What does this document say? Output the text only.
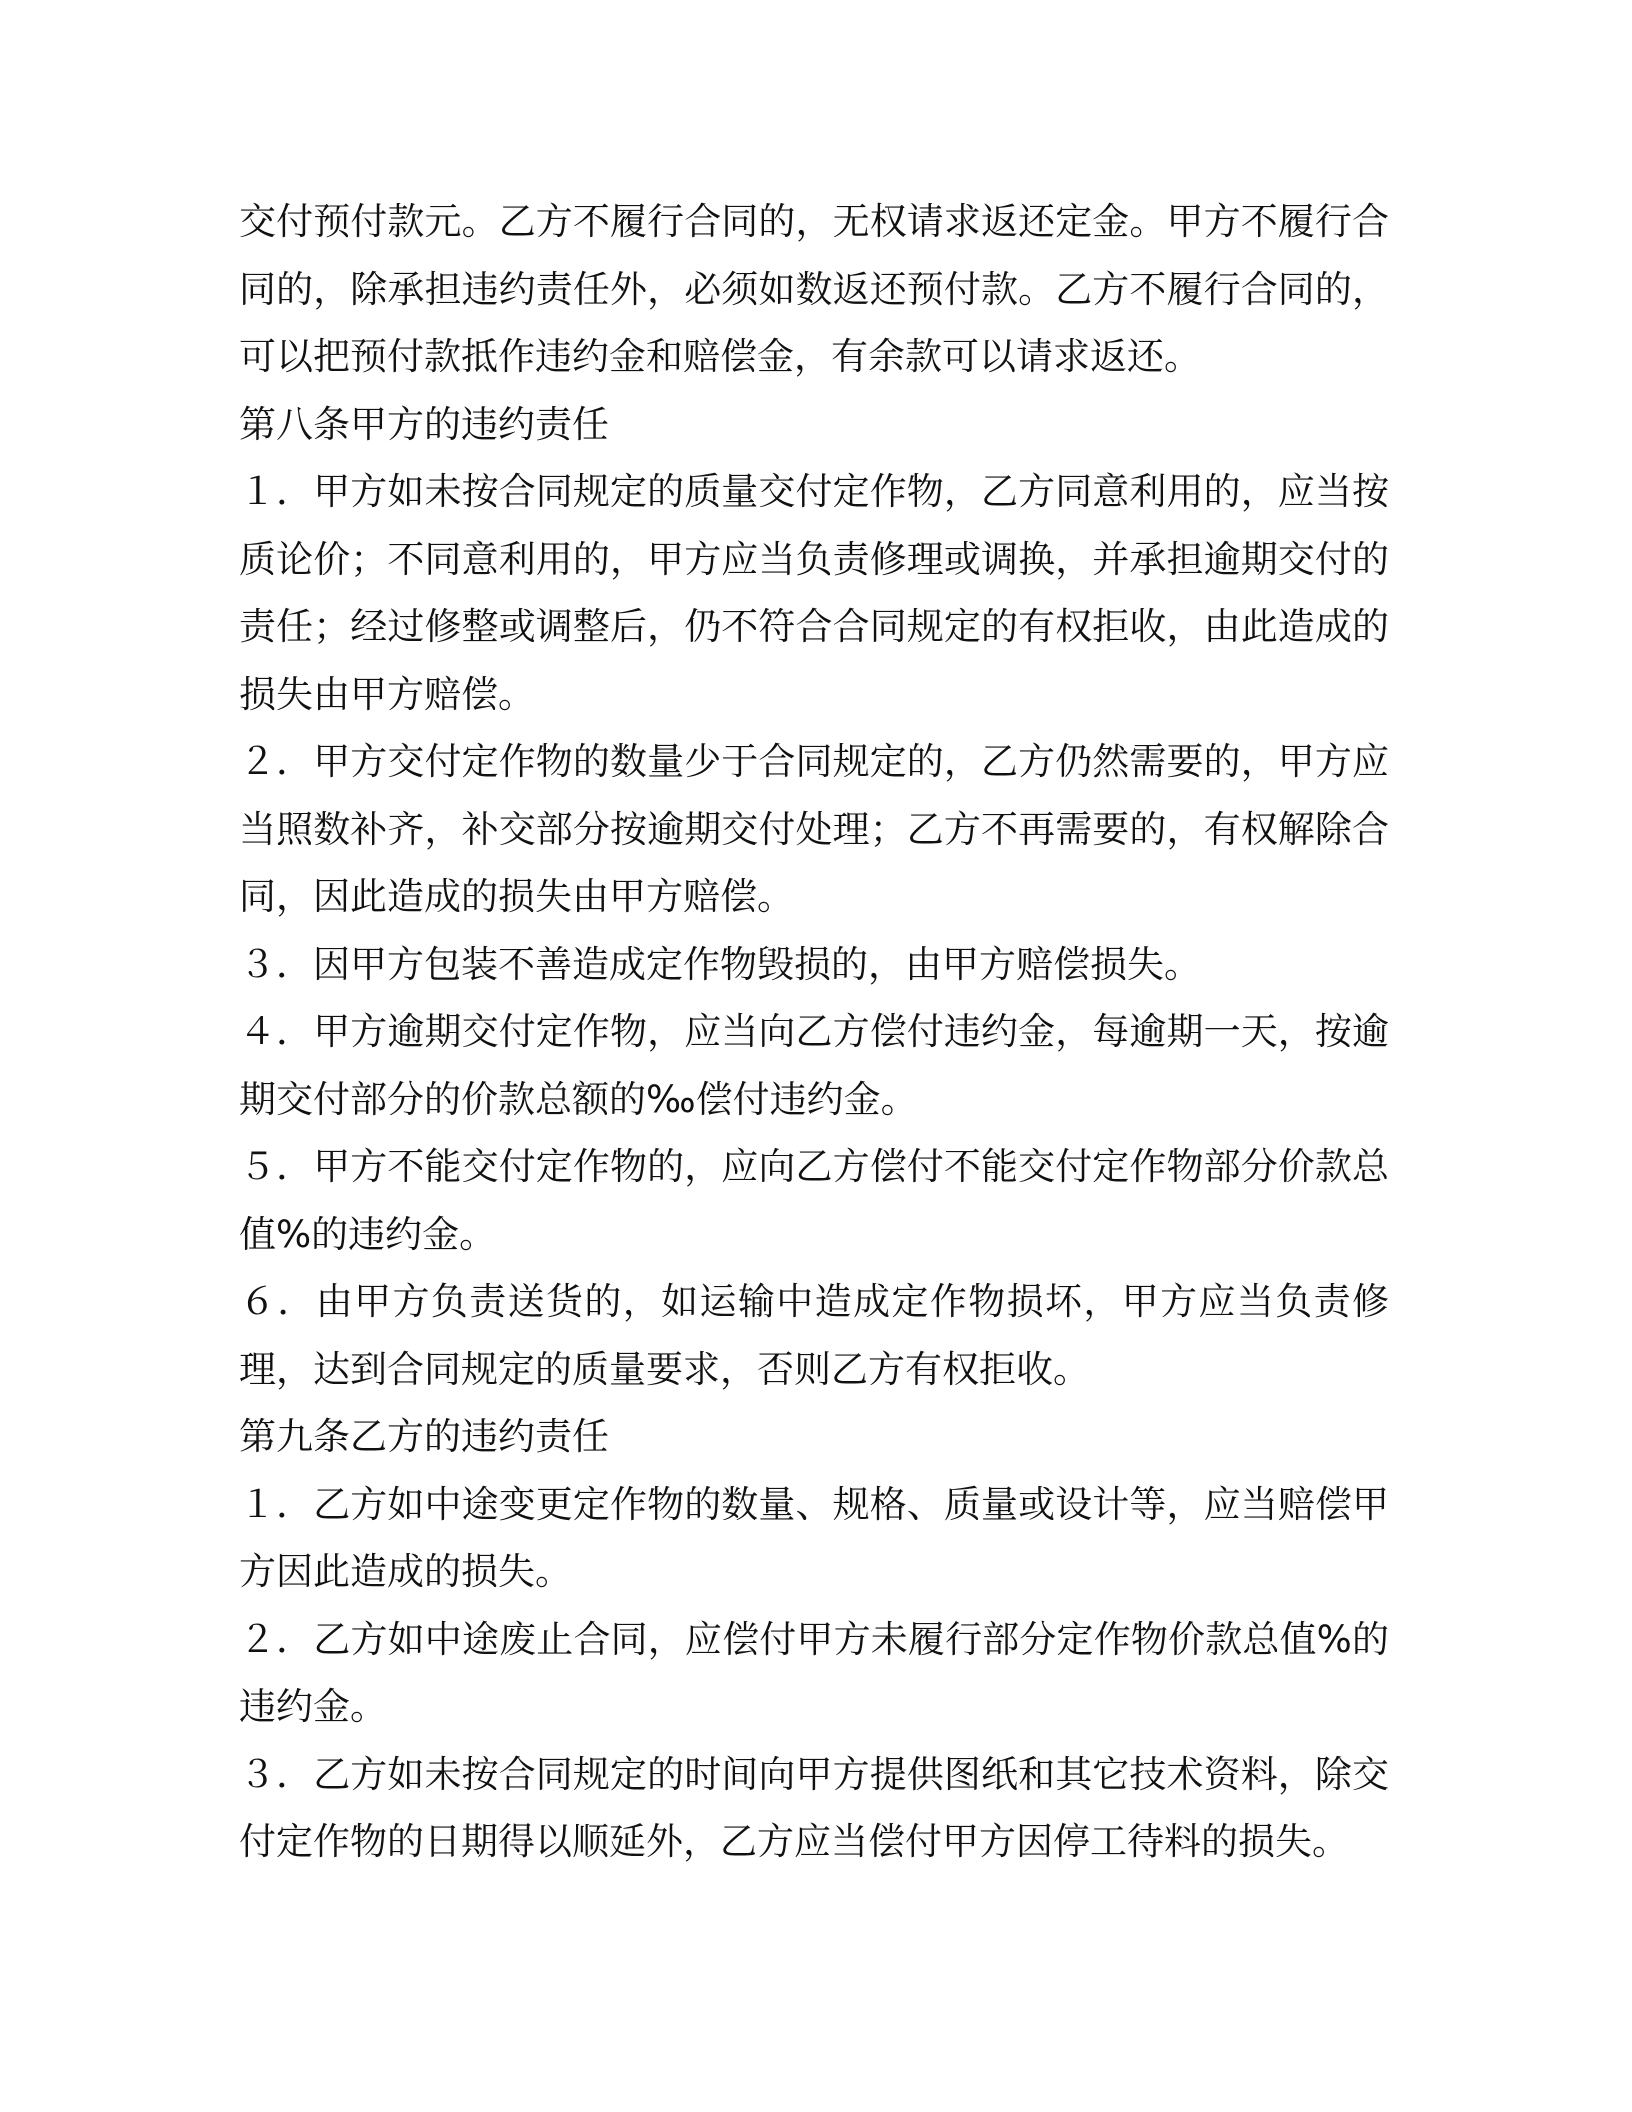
交付预付款元。乙方不履行合同的，无权请求返还定金。甲方不履行合同的，除承担违约责任外，必须如数返还预付款。乙方不履行合同的，可以把预付款抵作违约金和赔偿金，有余款可以请求返还。

第八条甲方的违约责任

１．甲方如未按合同规定的质量交付定作物，乙方同意利用的，应当按质论价；不同意利用的，甲方应当负责修理或调换，并承担逾期交付的责任；经过修整或调整后，仍不符合合同规定的有权拒收，由此造成的损失由甲方赔偿。

２．甲方交付定作物的数量少于合同规定的，乙方仍然需要的，甲方应当照数补齐，补交部分按逾期交付处理；乙方不再需要的，有权解除合同，因此造成的损失由甲方赔偿。

３．因甲方包装不善造成定作物毁损的，由甲方赔偿损失。

４．甲方逾期交付定作物，应当向乙方偿付违约金，每逾期一天，按逾期交付部分的价款总额的‰偿付违约金。

５．甲方不能交付定作物的，应向乙方偿付不能交付定作物部分价款总值%的违约金。

６．由甲方负责送货的，如运输中造成定作物损坏，甲方应当负责修理，达到合同规定的质量要求，否则乙方有权拒收。

第九条乙方的违约责任

１．乙方如中途变更定作物的数量、规格、质量或设计等，应当赔偿甲方因此造成的损失。

２．乙方如中途废止合同，应偿付甲方未履行部分定作物价款总值%的违约金。

３．乙方如未按合同规定的时间向甲方提供图纸和其它技术资料，除交付定作物的日期得以顺延外，乙方应当偿付甲方因停工待料的损失。
